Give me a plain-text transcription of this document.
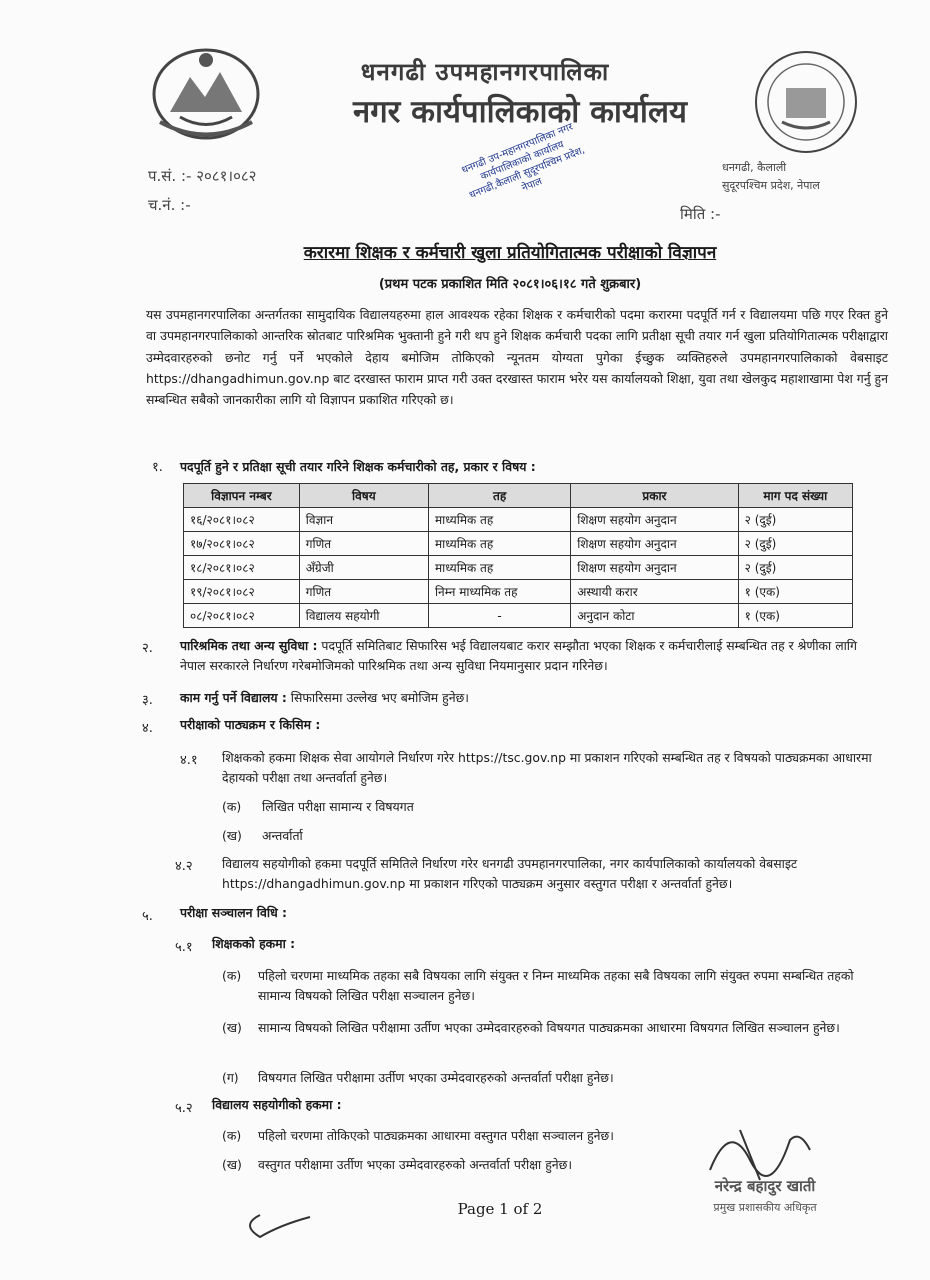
धनगढी उपमहानगरपालिका
नगर कार्यपालिकाको कार्यालय
प.सं. :- २०८१।०८२
च.नं. :-
धनगढी, कैलाली
सुदूरपश्चिम प्रदेश, नेपाल
मिति :-
धनगढी उप-महानगरपालिका नगर कार्यपालिकाको कार्यालय धनगढी,कैलाली सुदूरपश्चिम प्रदेश, नेपाल
करारमा शिक्षक र कर्मचारी खुला प्रतियोगितात्मक परीक्षाको विज्ञापन
(प्रथम पटक प्रकाशित मिति २०८१।०६।१८ गते शुक्रबार)
यस उपमहानगरपालिका अन्तर्गतका सामुदायिक विद्यालयहरुमा हाल आवश्यक रहेका शिक्षक र कर्मचारीको पदमा करारमा पदपूर्ति गर्न र विद्यालयमा पछि गएर रिक्त हुने वा उपमहानगरपालिकाको आन्तरिक स्रोतबाट पारिश्रमिक भुक्तानी हुने गरी थप हुने शिक्षक कर्मचारी पदका लागि प्रतीक्षा सूची तयार गर्न खुला प्रतियोगितात्मक परीक्षाद्वारा उम्मेदवारहरुको छनोट गर्नु पर्ने भएकोले देहाय बमोजिम तोकिएको न्यूनतम योग्यता पुगेका ईच्छुक व्यक्तिहरुले उपमहानगरपालिकाको वेबसाइट https://dhangadhimun.gov.np बाट दरखास्त फाराम प्राप्त गरी उक्त दरखास्त फाराम भरेर यस कार्यालयको शिक्षा, युवा तथा खेलकुद महाशाखामा पेश गर्नु हुन सम्बन्धित सबैको जानकारीका लागि यो विज्ञापन प्रकाशित गरिएको छ।
१. पदपूर्ति हुने र प्रतिक्षा सूची तयार गरिने शिक्षक कर्मचारीको तह, प्रकार र विषय :
विज्ञापन नम्बर	विषय	तह	प्रकार	माग पद संख्या
१६/२०८१।०८२	विज्ञान	माध्यमिक तह	शिक्षण सहयोग अनुदान	२ (दुई)
१७/२०८१।०८२	गणित	माध्यमिक तह	शिक्षण सहयोग अनुदान	२ (दुई)
१८/२०८१।०८२	अँग्रेजी	माध्यमिक तह	शिक्षण सहयोग अनुदान	२ (दुई)
१९/२०८१।०८२	गणित	निम्न माध्यमिक तह	अस्थायी करार	१ (एक)
०८/२०८१।०८२	विद्यालय सहयोगी	-	अनुदान कोटा	१ (एक)
२. पारिश्रमिक तथा अन्य सुविधा : पदपूर्ति समितिबाट सिफारिस भई विद्यालयबाट करार सम्झौता भएका शिक्षक र कर्मचारीलाई सम्बन्धित तह र श्रेणीका लागि नेपाल सरकारले निर्धारण गरेबमोजिमको पारिश्रमिक तथा अन्य सुविधा नियमानुसार प्रदान गरिनेछ।
३. काम गर्नु पर्ने विद्यालय : सिफारिसमा उल्लेख भए बमोजिम हुनेछ।
४. परीक्षाको पाठ्यक्रम र किसिम :
४.१ शिक्षकको हकमा शिक्षक सेवा आयोगले निर्धारण गरेर https://tsc.gov.np मा प्रकाशन गरिएको सम्बन्धित तह र विषयको पाठ्यक्रमका आधारमा देहायको परीक्षा तथा अन्तर्वार्ता हुनेछ।
(क) लिखित परीक्षा सामान्य र विषयगत
(ख) अन्तर्वार्ता
४.२ विद्यालय सहयोगीको हकमा पदपूर्ति समितिले निर्धारण गरेर धनगढी उपमहानगरपालिका, नगर कार्यपालिकाको कार्यालयको वेबसाइट https://dhangadhimun.gov.np मा प्रकाशन गरिएको पाठ्यक्रम अनुसार वस्तुगत परीक्षा र अन्तर्वार्ता हुनेछ।
५. परीक्षा सञ्चालन विधि :
५.१ शिक्षकको हकमा :
(क) पहिलो चरणमा माध्यमिक तहका सबै विषयका लागि संयुक्त र निम्न माध्यमिक तहका सबै विषयका लागि संयुक्त रुपमा सम्बन्धित तहको सामान्य विषयको लिखित परीक्षा सञ्चालन हुनेछ।
(ख) सामान्य विषयको लिखित परीक्षामा उर्तीण भएका उम्मेदवारहरुको विषयगत पाठ्यक्रमका आधारमा विषयगत लिखित सञ्चालन हुनेछ।
(ग) विषयगत लिखित परीक्षामा उर्तीण भएका उम्मेदवारहरुको अन्तर्वार्ता परीक्षा हुनेछ।
५.२ विद्यालय सहयोगीको हकमा :
(क) पहिलो चरणमा तोकिएको पाठ्यक्रमका आधारमा वस्तुगत परीक्षा सञ्चालन हुनेछ।
(ख) वस्तुगत परीक्षामा उर्तीण भएका उम्मेदवारहरुको अन्तर्वार्ता परीक्षा हुनेछ।
नरेन्द्र बहादुर खाती
प्रमुख प्रशासकीय अधिकृत
Page 1 of 2
